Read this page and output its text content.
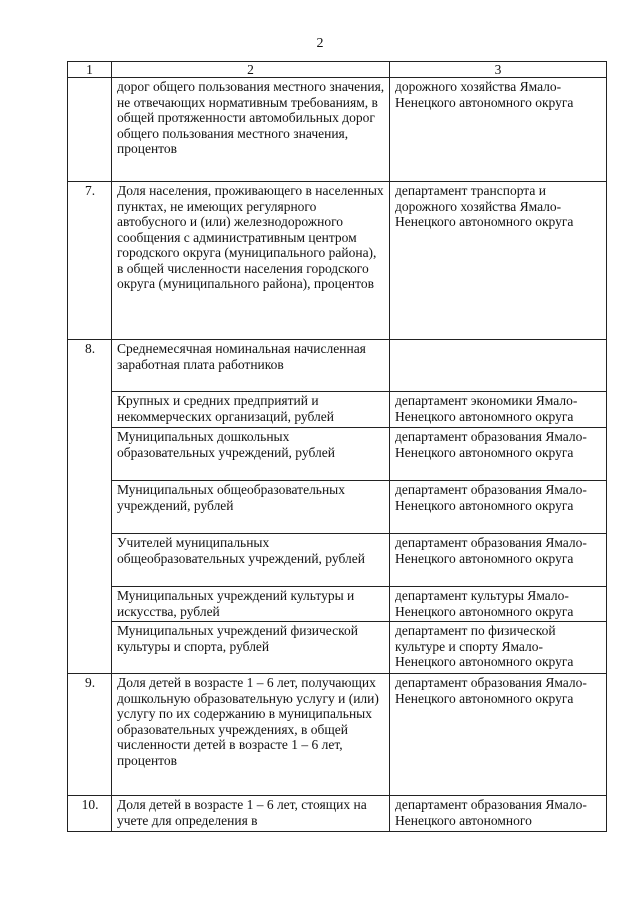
2
1	2	3
	дорог общего пользования местного значения, не отвечающих нормативным требованиям, в общей протяженности автомобильных дорог общего пользования местного значения, процентов	дорожного хозяйства Ямало-Ненецкого автономного округа
7.	Доля населения, проживающего в населенных пунктах, не имеющих регулярного автобусного и (или) железнодорожного сообщения с административным центром городского округа (муниципального района), в общей численности населения городского округа (муниципального района), процентов	департамент транспорта и дорожного хозяйства Ямало-Ненецкого автономного округа
8.	Среднемесячная номинальная начисленная заработная плата работников	
	Крупных и средних предприятий и некоммерческих организаций, рублей	департамент экономики Ямало-Ненецкого автономного округа
	Муниципальных дошкольных образовательных учреждений, рублей	департамент образования Ямало-Ненецкого автономного округа
	Муниципальных общеобразовательных учреждений, рублей	департамент образования Ямало-Ненецкого автономного округа
	Учителей муниципальных общеобразовательных учреждений, рублей	департамент образования Ямало-Ненецкого автономного округа
	Муниципальных учреждений культуры и искусства, рублей	департамент культуры Ямало-Ненецкого автономного округа
	Муниципальных учреждений физической культуры и спорта, рублей	департамент по физической культуре и спорту Ямало-Ненецкого автономного округа
9.	Доля детей в возрасте 1 – 6 лет, получающих дошкольную образовательную услугу и (или) услугу по их содержанию в муниципальных образовательных учреждениях, в общей численности детей в возрасте 1 – 6 лет, процентов	департамент образования Ямало-Ненецкого автономного округа
10.	Доля детей в возрасте 1 – 6 лет, стоящих на учете для определения в	департамент образования Ямало-Ненецкого автономного
